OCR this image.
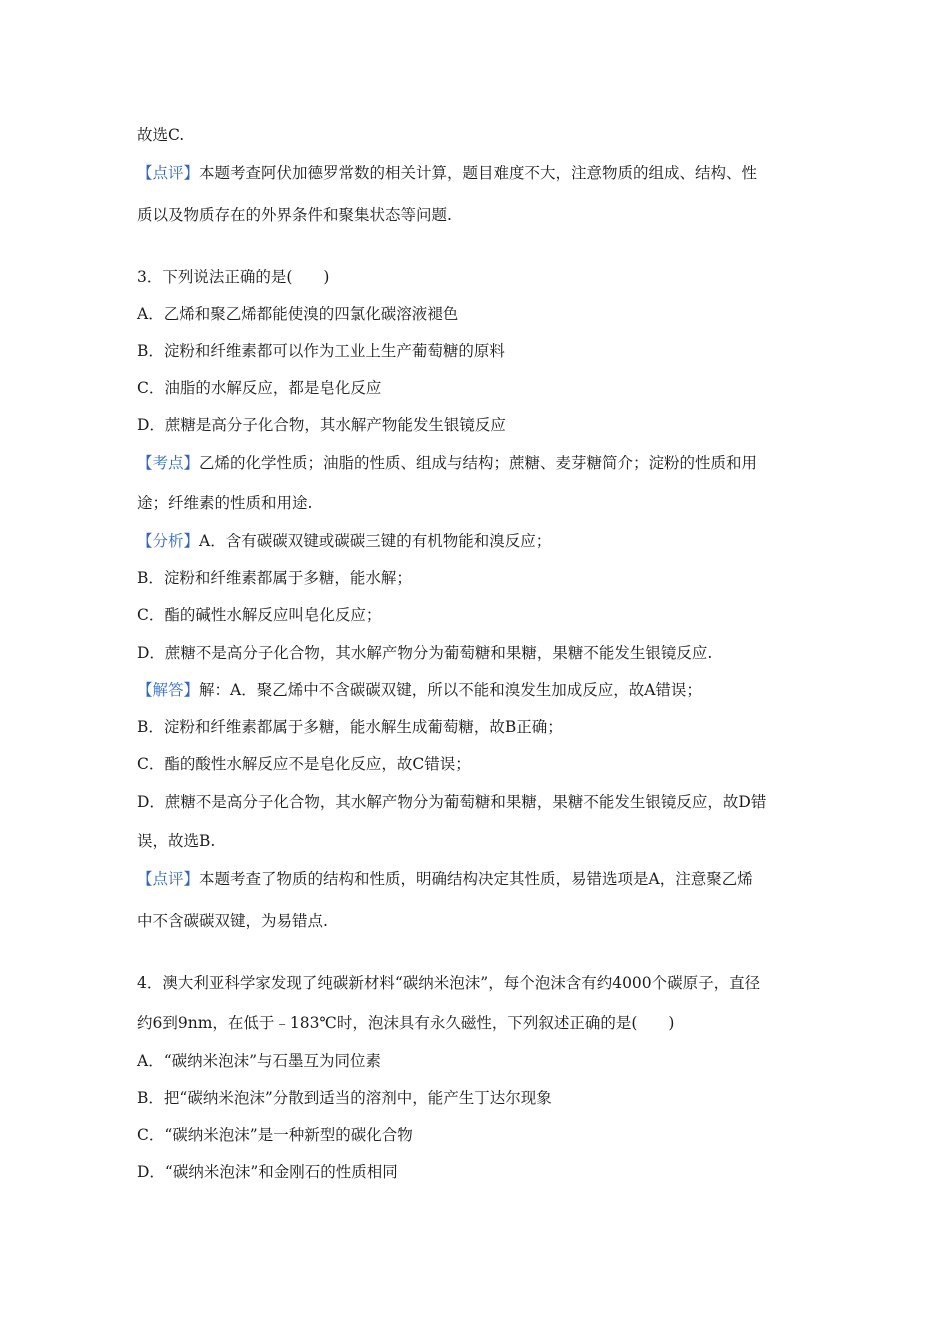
故选C.
【点评】本题考查阿伏加德罗常数的相关计算，题目难度不大，注意物质的组成、结构、性
质以及物质存在的外界条件和聚集状态等问题.
3．下列说法正确的是(　　)
A．乙烯和聚乙烯都能使溴的四氯化碳溶液褪色
B．淀粉和纤维素都可以作为工业上生产葡萄糖的原料
C．油脂的水解反应，都是皂化反应
D．蔗糖是高分子化合物，其水解产物能发生银镜反应
【考点】乙烯的化学性质；油脂的性质、组成与结构；蔗糖、麦芽糖简介；淀粉的性质和用
途；纤维素的性质和用途.
【分析】A．含有碳碳双键或碳碳三键的有机物能和溴反应；
B．淀粉和纤维素都属于多糖，能水解；
C．酯的碱性水解反应叫皂化反应；
D．蔗糖不是高分子化合物，其水解产物分为葡萄糖和果糖，果糖不能发生银镜反应.
【解答】解：A．聚乙烯中不含碳碳双键，所以不能和溴发生加成反应，故A错误；
B．淀粉和纤维素都属于多糖，能水解生成葡萄糖，故B正确；
C．酯的酸性水解反应不是皂化反应，故C错误；
D．蔗糖不是高分子化合物，其水解产物分为葡萄糖和果糖，果糖不能发生银镜反应，故D错
误，故选B.
【点评】本题考查了物质的结构和性质，明确结构决定其性质，易错选项是A，注意聚乙烯
中不含碳碳双键，为易错点.
4．澳大利亚科学家发现了纯碳新材料“碳纳米泡沫”，每个泡沫含有约4000个碳原子，直径
约6到9nm，在低于﹣183℃时，泡沫具有永久磁性，下列叙述正确的是(　　)
A．“碳纳米泡沫”与石墨互为同位素
B．把“碳纳米泡沫”分散到适当的溶剂中，能产生丁达尔现象
C．“碳纳米泡沫”是一种新型的碳化合物
D．“碳纳米泡沫”和金刚石的性质相同
